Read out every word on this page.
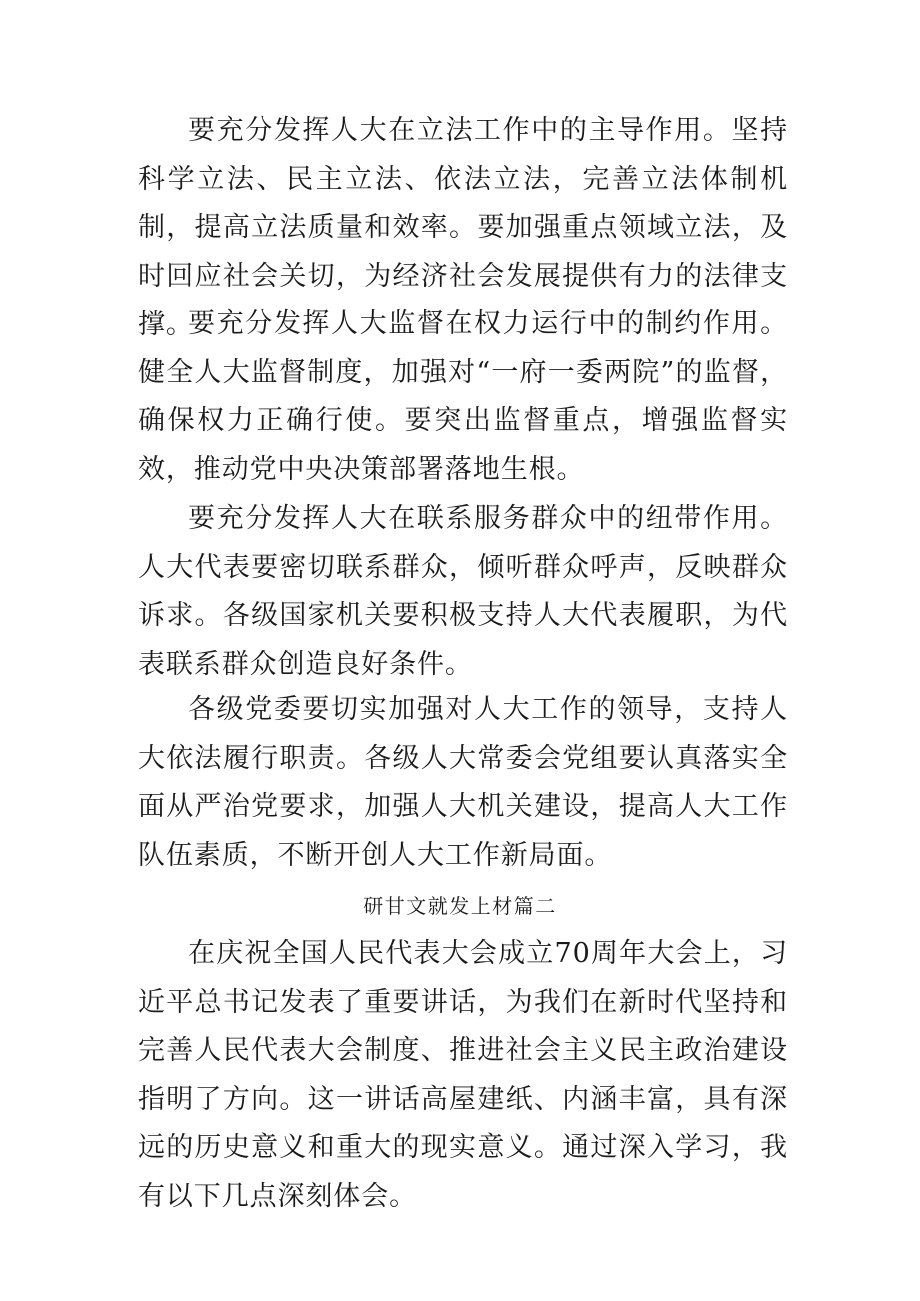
要充分发挥人大在立法工作中的主导作用。坚持科学立法、民主立法、依法立法，完善立法体制机制，提高立法质量和效率。要加强重点领域立法，及时回应社会关切，为经济社会发展提供有力的法律支撑。

要充分发挥人大监督在权力运行中的制约作用。健全人大监督制度，加强对“一府一委两院”的监督，确保权力正确行使。要突出监督重点，增强监督实效，推动党中央决策部署落地生根。

要充分发挥人大在联系服务群众中的纽带作用。人大代表要密切联系群众，倾听群众呼声，反映群众诉求。各级国家机关要积极支持人大代表履职，为代表联系群众创造良好条件。

各级党委要切实加强对人大工作的领导，支持人大依法履行职责。各级人大常委会党组要认真落实全面从严治党要求，加强人大机关建设，提高人大工作队伍素质，不断开创人大工作新局面。

研甘文就发上材篇二

在庆祝全国人民代表大会成立70周年大会上，习近平总书记发表了重要讲话，为我们在新时代坚持和完善人民代表大会制度、推进社会主义民主政治建设指明了方向。这一讲话高屋建纸、内涵丰富，具有深远的历史意义和重大的现实意义。通过深入学习，我有以下几点深刻体会。
